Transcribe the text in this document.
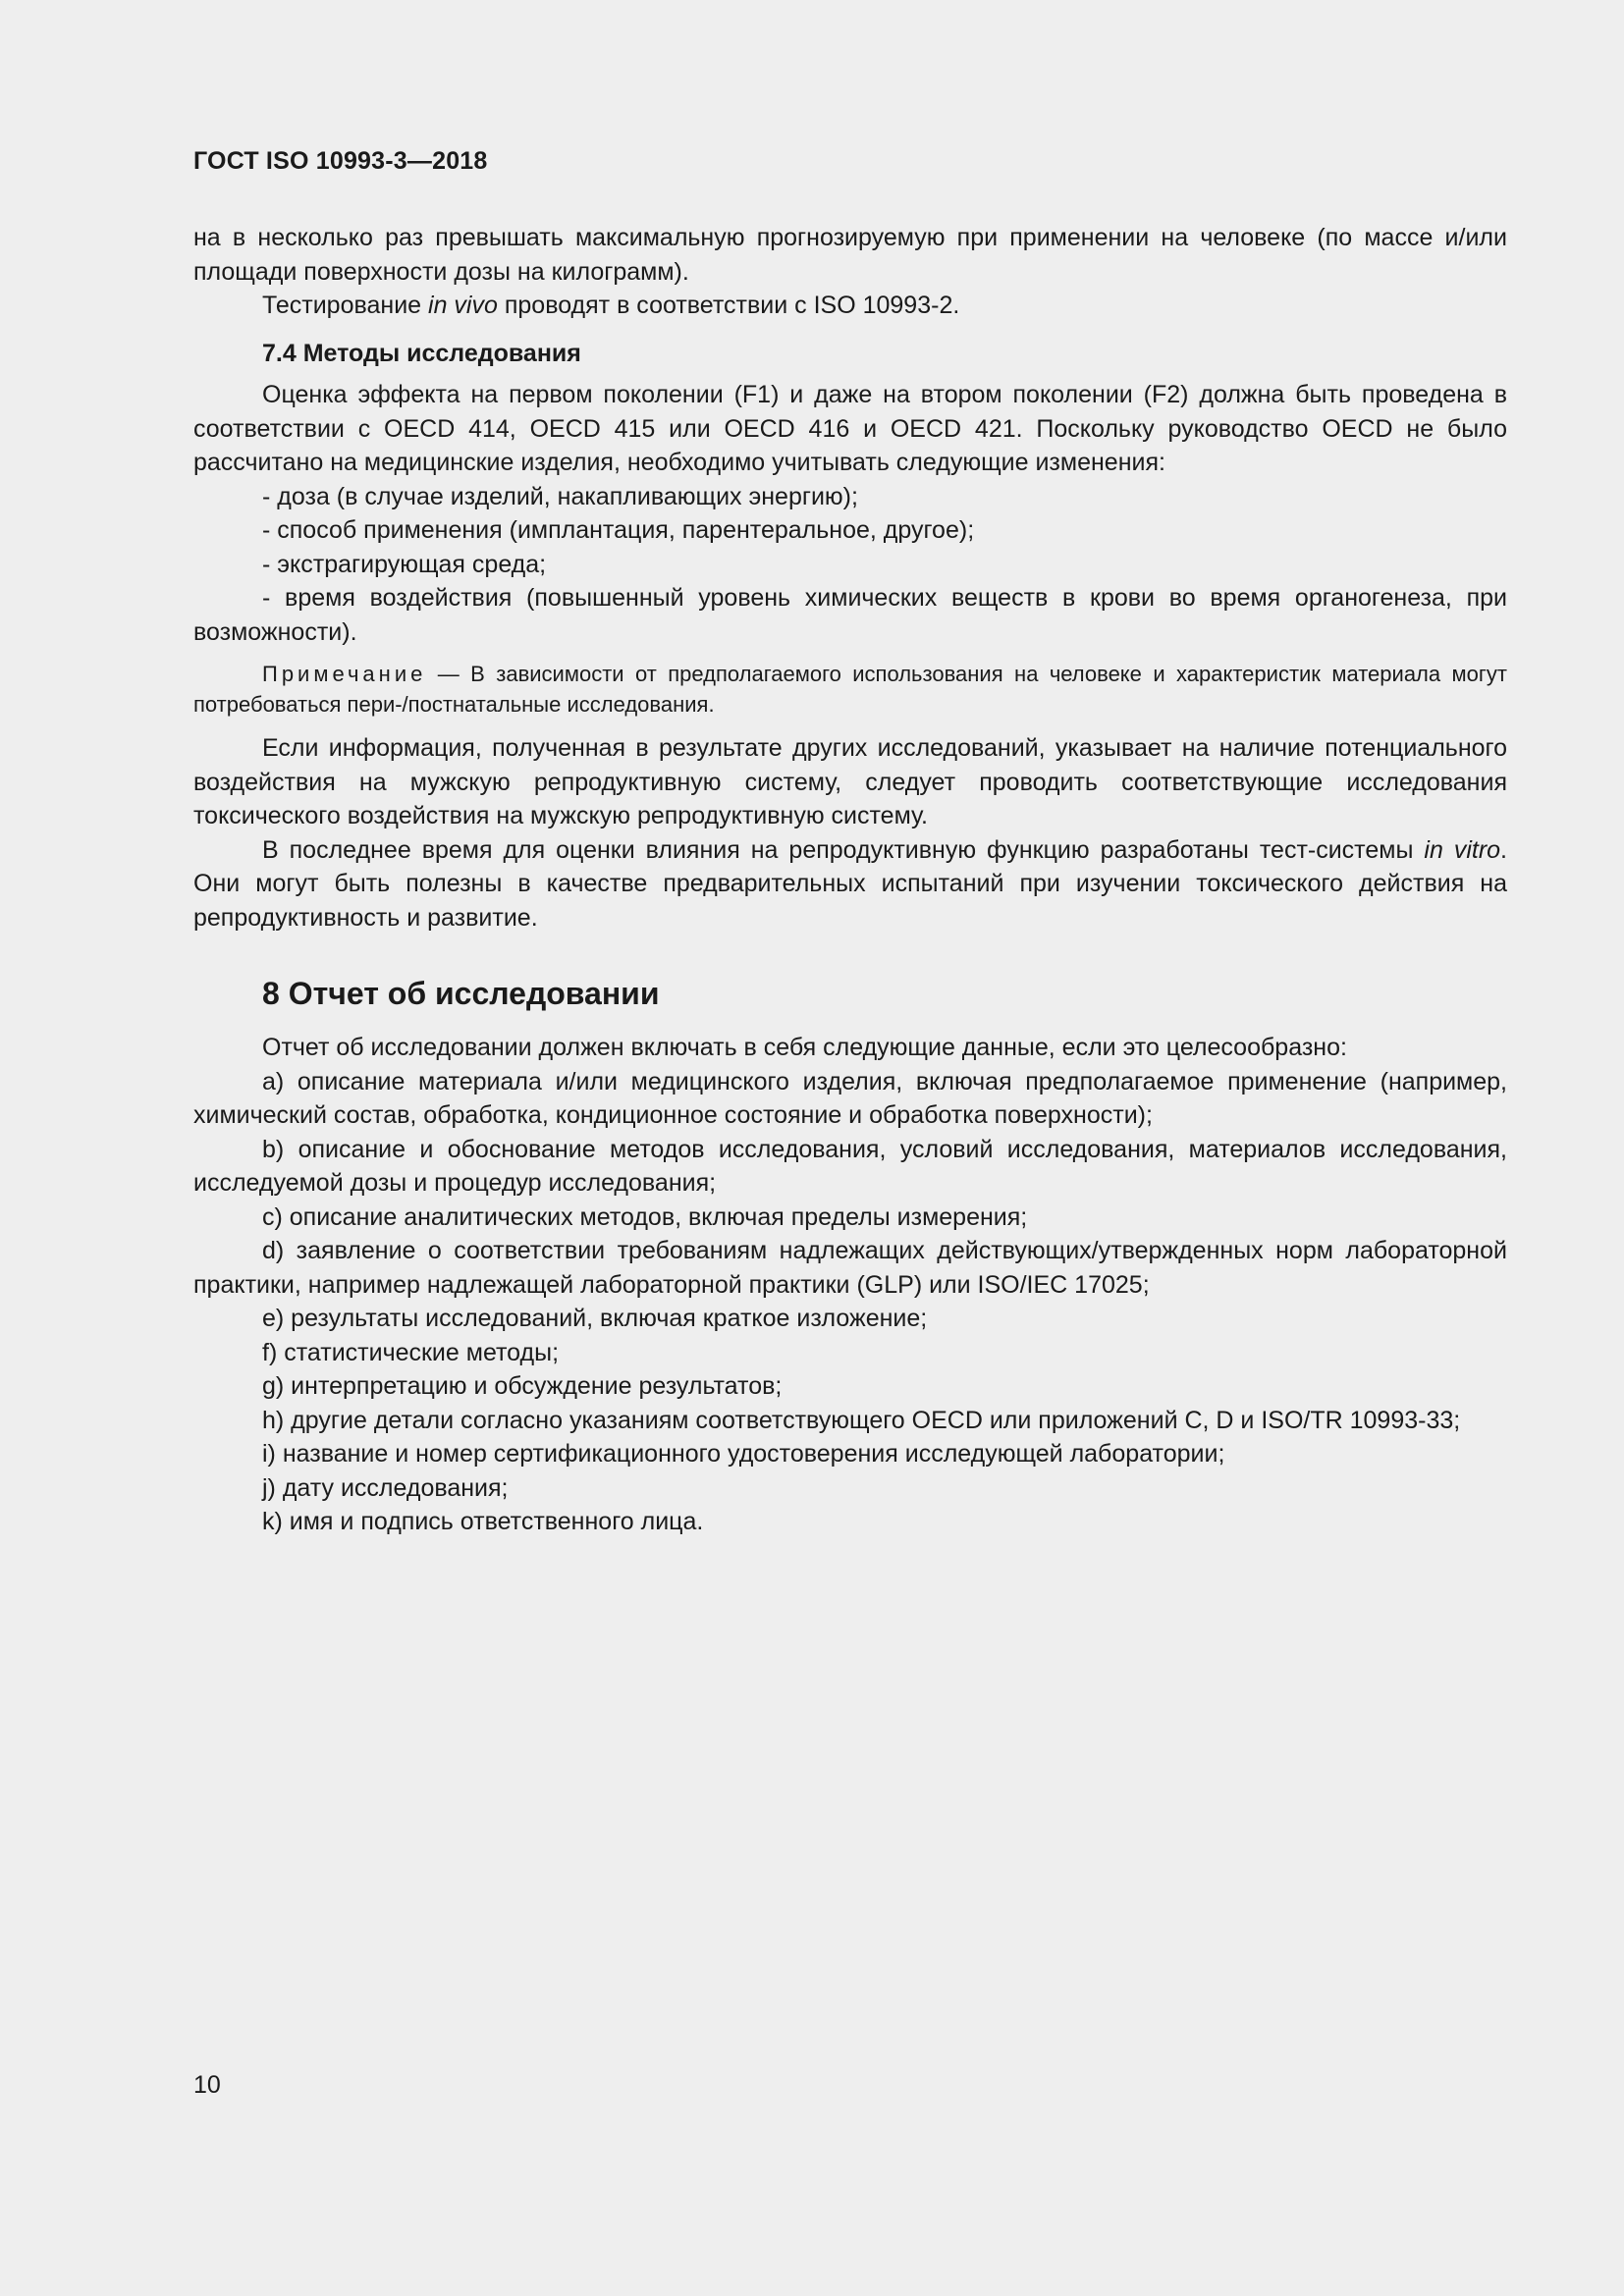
ГОСТ ISO 10993-3—2018

на в несколько раз превышать максимальную прогнозируемую при применении на человеке (по массе и/или площади поверхности дозы на килограмм).

Тестирование in vivo проводят в соответствии с ISO 10993-2.

7.4 Методы исследования

Оценка эффекта на первом поколении (F1) и даже на втором поколении (F2) должна быть проведена в соответствии с OECD 414, OECD 415 или OECD 416 и OECD 421. Поскольку руководство OECD не было рассчитано на медицинские изделия, необходимо учитывать следующие изменения:

- доза (в случае изделий, накапливающих энергию);

- способ применения (имплантация, парентеральное, другое);

- экстрагирующая среда;

- время воздействия (повышенный уровень химических веществ в крови во время органогенеза, при возможности).

Примечание — В зависимости от предполагаемого использования на человеке и характеристик материала могут потребоваться пери-/постнатальные исследования.

Если информация, полученная в результате других исследований, указывает на наличие потенциального воздействия на мужскую репродуктивную систему, следует проводить соответствующие исследования токсического воздействия на мужскую репродуктивную систему.

В последнее время для оценки влияния на репродуктивную функцию разработаны тест-системы in vitro. Они могут быть полезны в качестве предварительных испытаний при изучении токсического действия на репродуктивность и развитие.

8 Отчет об исследовании

Отчет об исследовании должен включать в себя следующие данные, если это целесообразно:

a) описание материала и/или медицинского изделия, включая предполагаемое применение (например, химический состав, обработка, кондиционное состояние и обработка поверхности);

b) описание и обоснование методов исследования, условий исследования, материалов исследования, исследуемой дозы и процедур исследования;

c) описание аналитических методов, включая пределы измерения;

d) заявление о соответствии требованиям надлежащих действующих/утвержденных норм лабораторной практики, например надлежащей лабораторной практики (GLP) или ISO/IEC 17025;

e) результаты исследований, включая краткое изложение;

f) статистические методы;

g) интерпретацию и обсуждение результатов;

h) другие детали согласно указаниям соответствующего OECD или приложений C, D и ISO/TR 10993-33;

i) название и номер сертификационного удостоверения исследующей лаборатории;

j) дату исследования;

k) имя и подпись ответственного лица.

10
